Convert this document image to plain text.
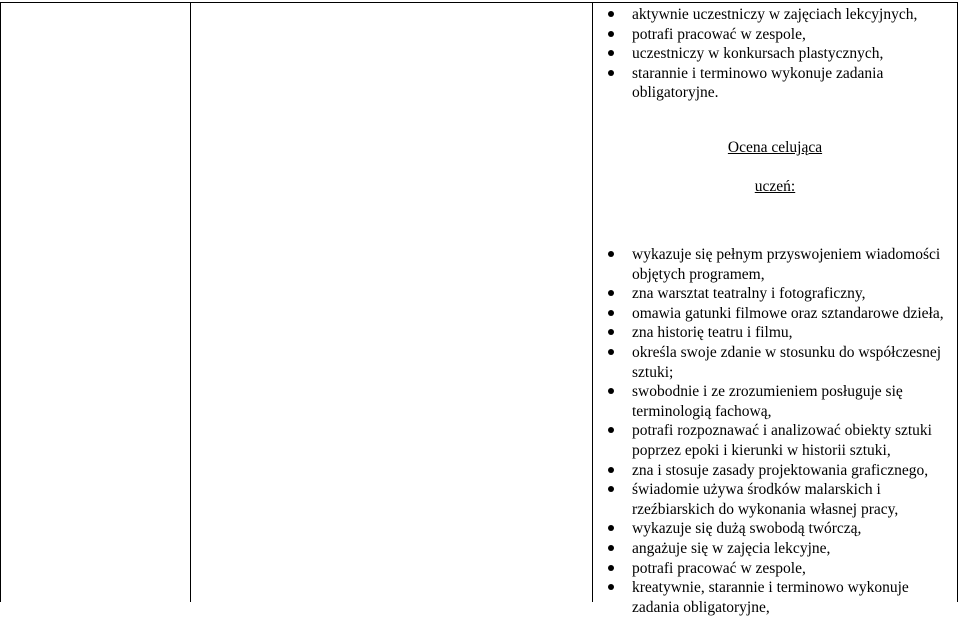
aktywnie uczestniczy w zajęciach lekcyjnych,
potrafi pracować w zespole,
uczestniczy w konkursach plastycznych,
starannie i terminowo wykonuje zadania obligatoryjne.
Ocena celująca
uczeń:
wykazuje się pełnym przyswojeniem wiadomości objętych programem,
zna warsztat teatralny i fotograficzny,
omawia gatunki filmowe oraz sztandarowe dzieła,
zna historię teatru i filmu,
określa swoje zdanie w stosunku do współczesnej sztuki;
swobodnie i ze zrozumieniem posługuje się terminologią fachową,
potrafi rozpoznawać i analizować obiekty sztuki poprzez epoki i kierunki w historii sztuki,
zna i stosuje zasady projektowania graficznego,
świadomie używa środków malarskich i rzeźbiarskich do wykonania własnej pracy,
wykazuje się dużą swobodą twórczą,
angażuje się w zajęcia lekcyjne,
potrafi pracować w zespole,
kreatywnie, starannie i terminowo wykonuje zadania obligatoryjne,
